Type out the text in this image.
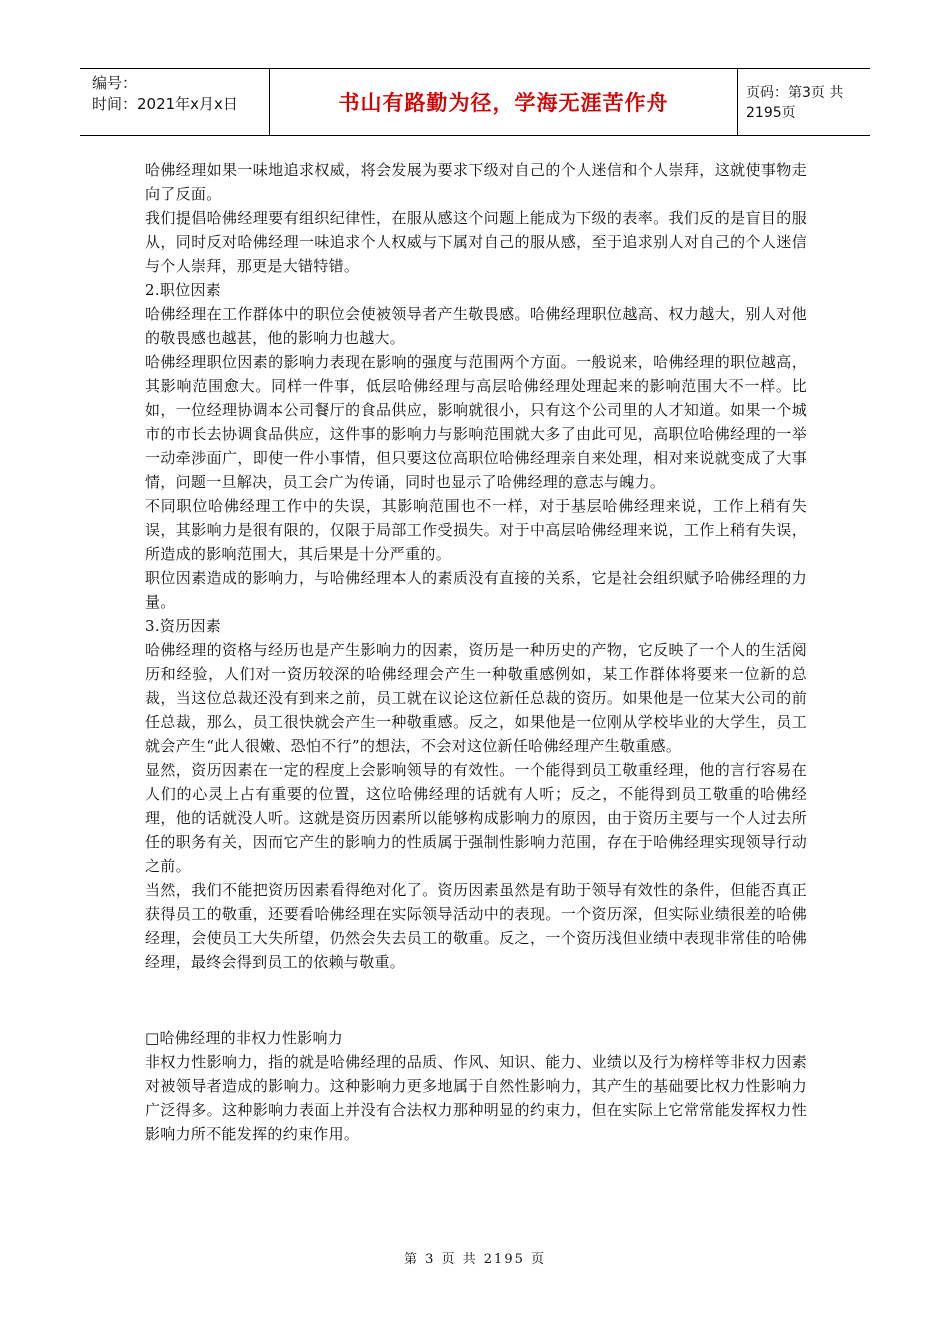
编号：
时间：2021年x月x日	书山有路勤为径，学海无涯苦作舟	页码：第3页 共2195页

哈佛经理如果一味地追求权威，将会发展为要求下级对自己的个人迷信和个人崇拜，这就使事物走向了反面。

我们提倡哈佛经理要有组织纪律性，在服从感这个问题上能成为下级的表率。我们反的是盲目的服从，同时反对哈佛经理一味追求个人权威与下属对自己的服从感，至于追求别人对自己的个人迷信与个人崇拜，那更是大错特错。

2.职位因素

哈佛经理在工作群体中的职位会使被领导者产生敬畏感。哈佛经理职位越高、权力越大，别人对他的敬畏感也越甚，他的影响力也越大。

哈佛经理职位因素的影响力表现在影响的强度与范围两个方面。一般说来，哈佛经理的职位越高，其影响范围愈大。同样一件事，低层哈佛经理与高层哈佛经理处理起来的影响范围大不一样。比如，一位经理协调本公司餐厅的食品供应，影响就很小，只有这个公司里的人才知道。如果一个城市的市长去协调食品供应，这件事的影响力与影响范围就大多了由此可见，高职位哈佛经理的一举一动牵涉面广，即使一件小事情，但只要这位高职位哈佛经理亲自来处理，相对来说就变成了大事情，问题一旦解决，员工会广为传诵，同时也显示了哈佛经理的意志与魄力。

不同职位哈佛经理工作中的失误，其影响范围也不一样，对于基层哈佛经理来说，工作上稍有失误，其影响力是很有限的，仅限于局部工作受损失。对于中高层哈佛经理来说，工作上稍有失误，所造成的影响范围大，其后果是十分严重的。

职位因素造成的影响力，与哈佛经理本人的素质没有直接的关系，它是社会组织赋予哈佛经理的力量。

3.资历因素

哈佛经理的资格与经历也是产生影响力的因素，资历是一种历史的产物，它反映了一个人的生活阅历和经验，人们对一资历较深的哈佛经理会产生一种敬重感例如，某工作群体将要来一位新的总裁，当这位总裁还没有到来之前，员工就在议论这位新任总裁的资历。如果他是一位某大公司的前任总裁，那么，员工很快就会产生一种敬重感。反之，如果他是一位刚从学校毕业的大学生，员工就会产生“此人很嫩、恐怕不行”的想法，不会对这位新任哈佛经理产生敬重感。

显然，资历因素在一定的程度上会影响领导的有效性。一个能得到员工敬重经理，他的言行容易在人们的心灵上占有重要的位置，这位哈佛经理的话就有人听；反之，不能得到员工敬重的哈佛经理，他的话就没人听。这就是资历因素所以能够构成影响力的原因，由于资历主要与一个人过去所任的职务有关，因而它产生的影响力的性质属于强制性影响力范围，存在于哈佛经理实现领导行动之前。

当然，我们不能把资历因素看得绝对化了。资历因素虽然是有助于领导有效性的条件，但能否真正获得员工的敬重，还要看哈佛经理在实际领导活动中的表现。一个资历深，但实际业绩很差的哈佛经理，会使员工大失所望，仍然会失去员工的敬重。反之，一个资历浅但业绩中表现非常佳的哈佛经理，最终会得到员工的依赖与敬重。

□哈佛经理的非权力性影响力

非权力性影响力，指的就是哈佛经理的品质、作风、知识、能力、业绩以及行为榜样等非权力因素对被领导者造成的影响力。这种影响力更多地属于自然性影响力，其产生的基础要比权力性影响力广泛得多。这种影响力表面上并没有合法权力那种明显的约束力，但在实际上它常常能发挥权力性影响力所不能发挥的约束作用。

第 3 页 共 2195 页
